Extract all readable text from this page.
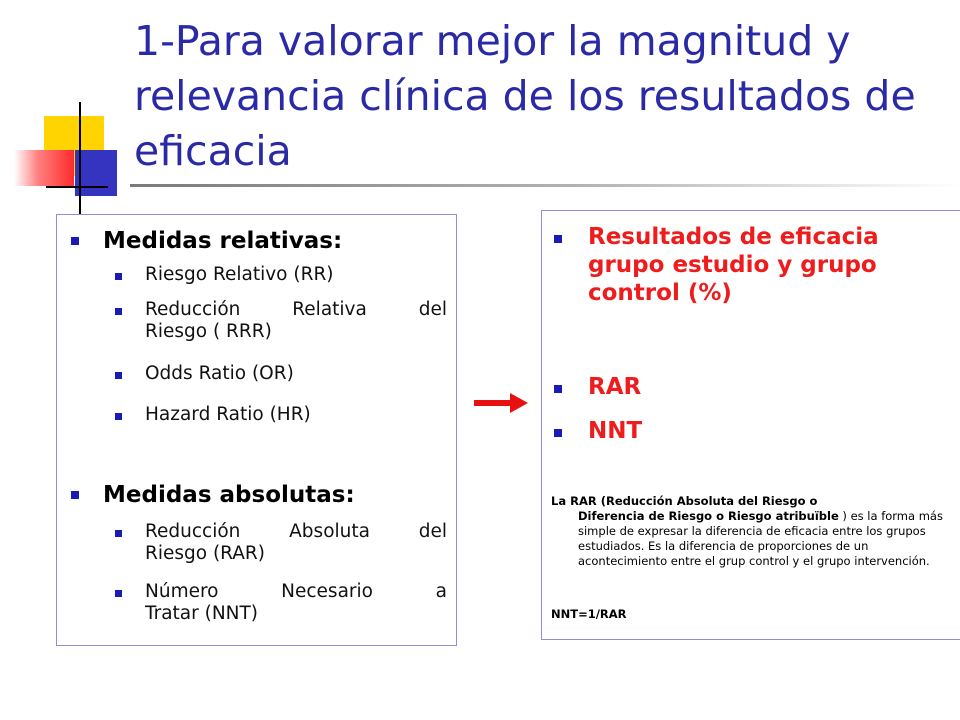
1-Para valorar mejor la magnitud y relevancia clínica de los resultados de eficacia
Medidas relativas:
Riesgo Relativo (RR)
Reducción Relativa del
Riesgo ( RRR)
Odds Ratio (OR)
Hazard Ratio (HR)
Medidas absolutas:
Reducción Absoluta del
Riesgo (RAR)
Número Necesario a
Tratar (NNT)
Resultados de eficacia grupo estudio y grupo control (%)
RAR
NNT
La RAR (Reducción Absoluta del Riesgo o
Diferencia de Riesgo o Riesgo atribuïble ) es la forma más simple de expresar la diferencia de eficacia entre los grupos estudiados. Es la diferencia de proporciones de un acontecimiento entre el grup control y el grupo intervención.
NNT=1/RAR
